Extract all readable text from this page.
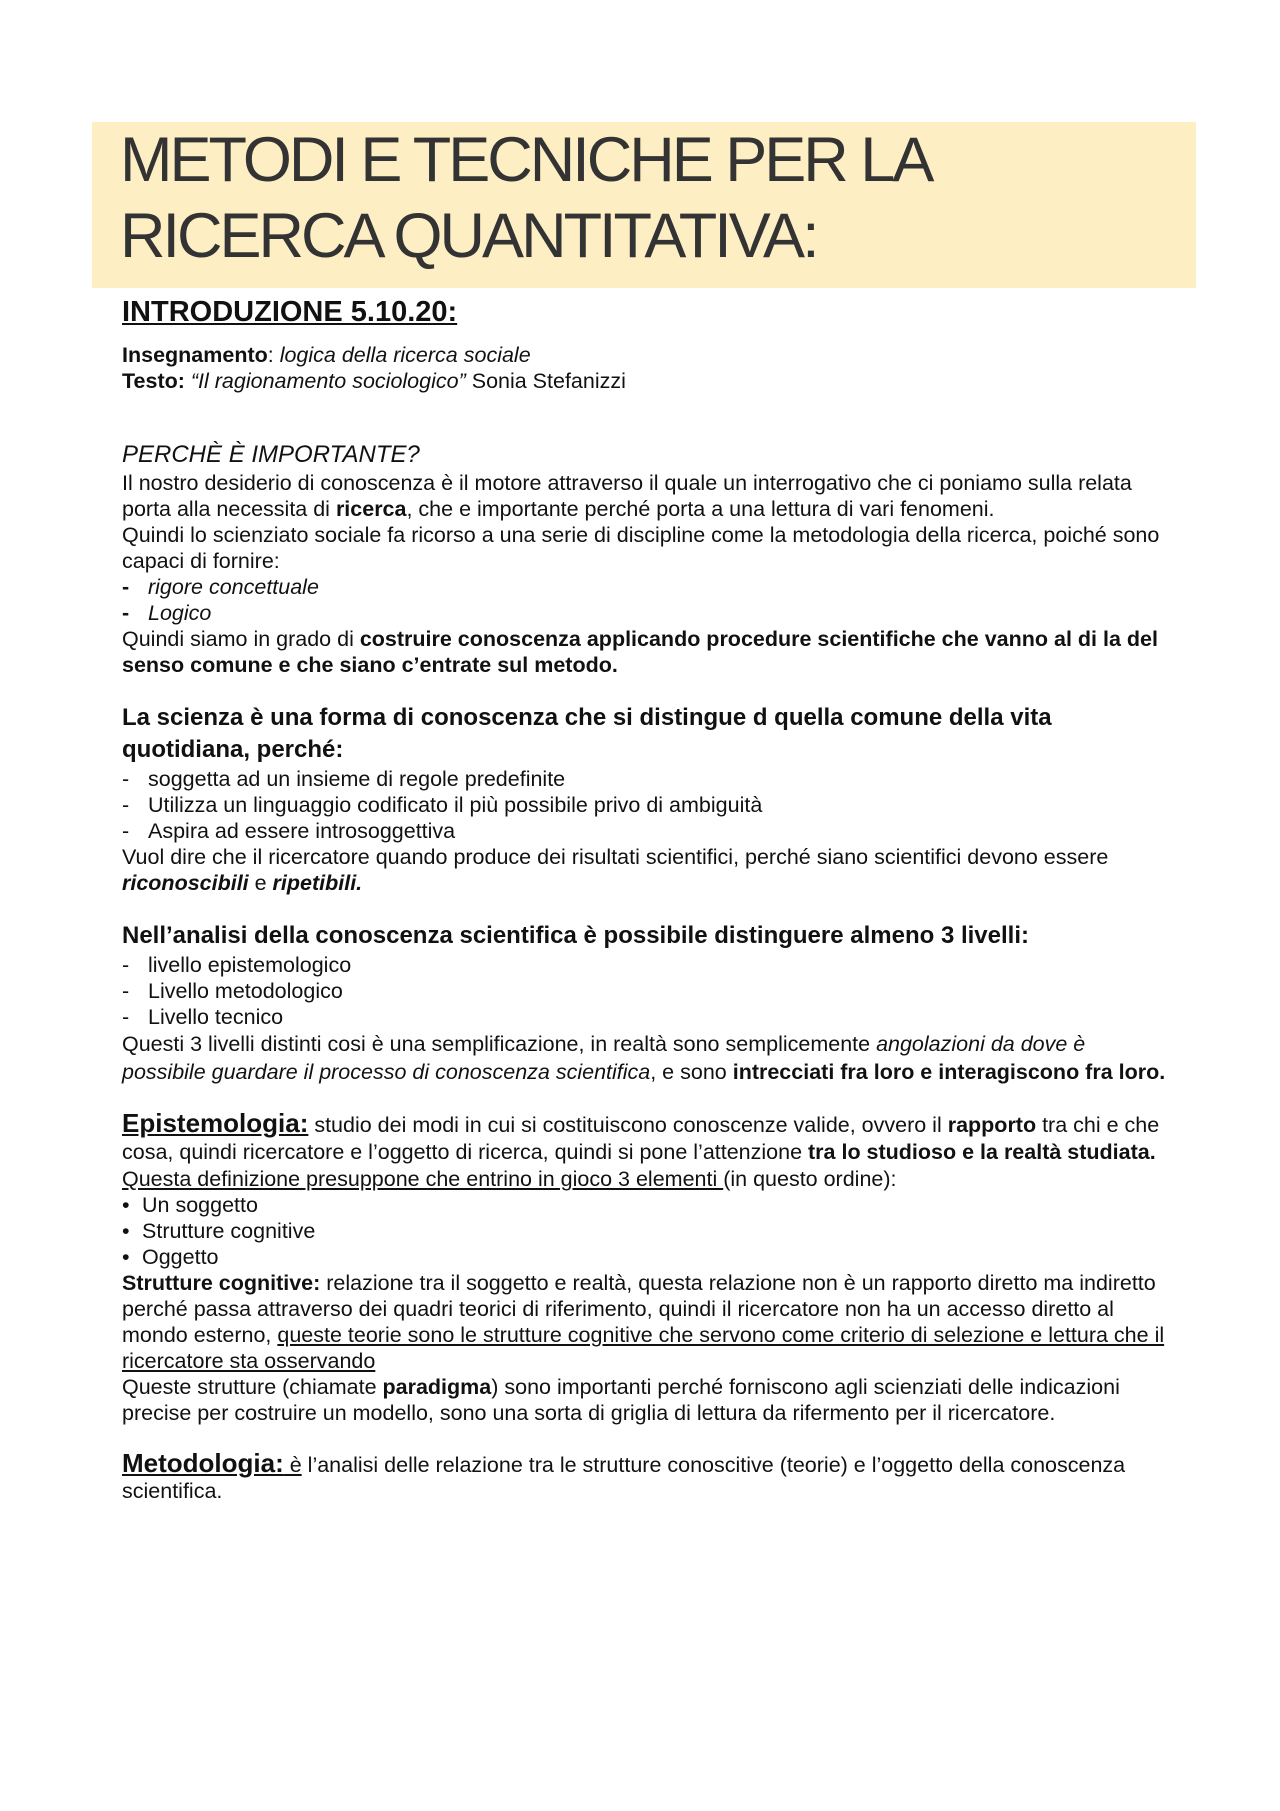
METODI E TECNICHE PER LA
RICERCA QUANTITATIVA:
INTRODUZIONE 5.10.20:

Insegnamento: logica della ricerca sociale

Testo: “Il ragionamento sociologico” Sonia Stefanizzi

PERCHÈ È IMPORTANTE?

Il nostro desiderio di conoscenza è il motore attraverso il quale un interrogativo che ci poniamo sulla relata porta alla necessita di ricerca, che e importante perché porta a una lettura di vari fenomeni.

Quindi lo scienziato sociale fa ricorso a una serie di discipline come la metodologia della ricerca, poiché sono capaci di fornire:

- rigore concettuale
- Logico

Quindi siamo in grado di costruire conoscenza applicando procedure scientifiche che vanno al di la del senso comune e che siano c’entrate sul metodo.

La scienza è una forma di conoscenza che si distingue d quella comune della vita quotidiana, perché:

- soggetta ad un insieme di regole predefinite
- Utilizza un linguaggio codificato il più possibile privo di ambiguità
- Aspira ad essere introsoggettiva

Vuol dire che il ricercatore quando produce dei risultati scientifici, perché siano scientifici devono essere riconoscibili e ripetibili.

Nell’analisi della conoscenza scientifica è possibile distinguere almeno 3 livelli:

- livello epistemologico
- Livello metodologico
- Livello tecnico

Questi 3 livelli distinti cosi è una semplificazione, in realtà sono semplicemente angolazioni da dove è possibile guardare il processo di conoscenza scientifica, e sono intrecciati fra loro e interagiscono fra loro.

Epistemologia: studio dei modi in cui si costituiscono conoscenze valide, ovvero il rapporto tra chi e che cosa, quindi ricercatore e l’oggetto di ricerca, quindi si pone l’attenzione tra lo studioso e la realtà studiata.

Questa definizione presuppone che entrino in gioco 3 elementi (in questo ordine):

• Un soggetto
• Strutture cognitive
• Oggetto

Strutture cognitive: relazione tra il soggetto e realtà, questa relazione non è un rapporto diretto ma indiretto perché passa attraverso dei quadri teorici di riferimento, quindi il ricercatore non ha un accesso diretto al mondo esterno, queste teorie sono le strutture cognitive che servono come criterio di selezione e lettura che il ricercatore sta osservando

Queste strutture (chiamate paradigma) sono importanti perché forniscono agli scienziati delle indicazioni precise per costruire un modello, sono una sorta di griglia di lettura da rifermento per il ricercatore.

Metodologia: è l’analisi delle relazione tra le strutture conoscitive (teorie) e l’oggetto della conoscenza scientifica.
